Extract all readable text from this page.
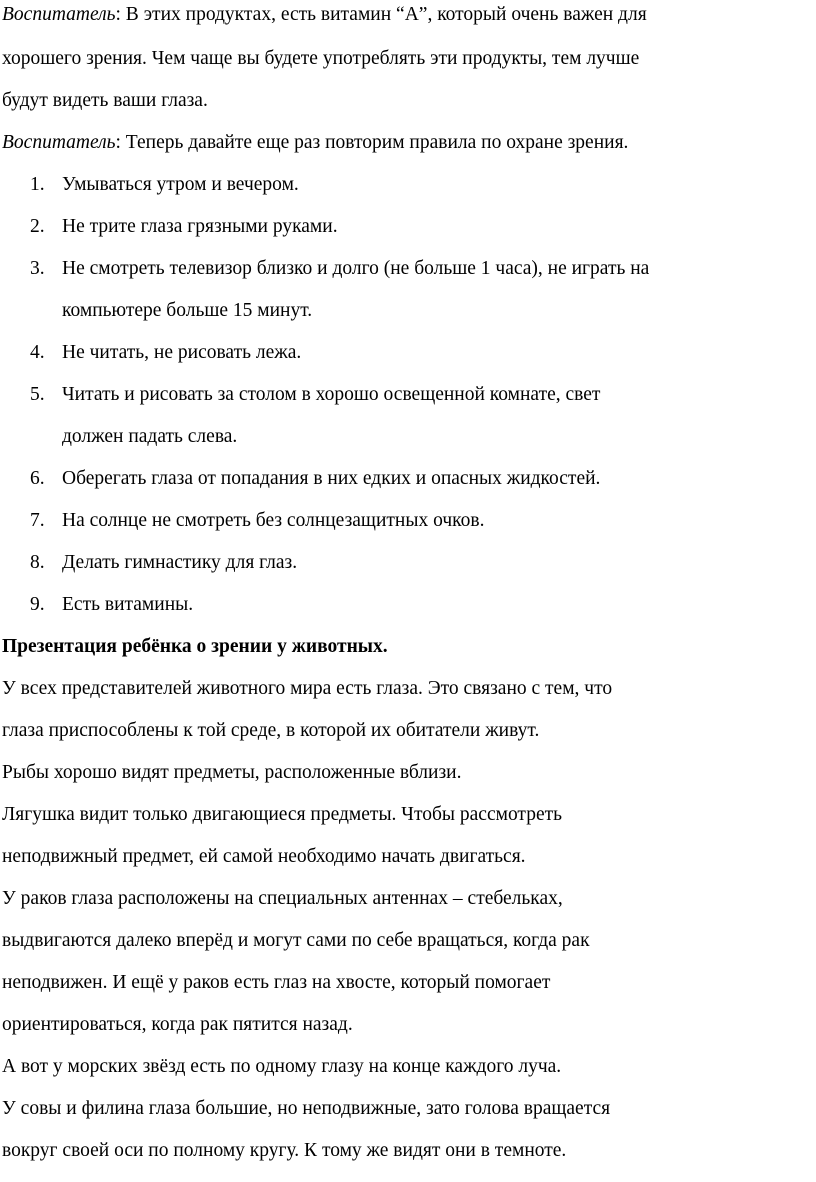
Воспитатель: В этих продуктах, есть витамин “А”, который очень важен для
хорошего зрения. Чем чаще вы будете употреблять эти продукты, тем лучше
будут видеть ваши глаза.
Воспитатель: Теперь давайте еще раз повторим правила по охране зрения.
1. Умываться утром и вечером.
2. Не трите глаза грязными руками.
3. Не смотреть телевизор близко и долго (не больше 1 часа), не играть на
компьютере больше 15 минут.
4. Не читать, не рисовать лежа.
5. Читать и рисовать за столом в хорошо освещенной комнате, свет
должен падать слева.
6. Оберегать глаза от попадания в них едких и опасных жидкостей.
7. На солнце не смотреть без солнцезащитных очков.
8. Делать гимнастику для глаз.
9. Есть витамины.
Презентация ребёнка о зрении у животных.
У всех представителей животного мира есть глаза. Это связано с тем, что
глаза приспособлены к той среде, в которой их обитатели живут.
Рыбы хорошо видят предметы, расположенные вблизи.
Лягушка видит только двигающиеся предметы. Чтобы рассмотреть
неподвижный предмет, ей самой необходимо начать двигаться.
У раков глаза расположены на специальных антеннах – стебельках,
выдвигаются далеко вперёд и могут сами по себе вращаться, когда рак
неподвижен. И ещё у раков есть глаз на хвосте, который помогает
ориентироваться, когда рак пятится назад.
А вот у морских звёзд есть по одному глазу на конце каждого луча.
У совы и филина глаза большие, но неподвижные, зато голова вращается
вокруг своей оси по полному кругу. К тому же видят они в темноте.
